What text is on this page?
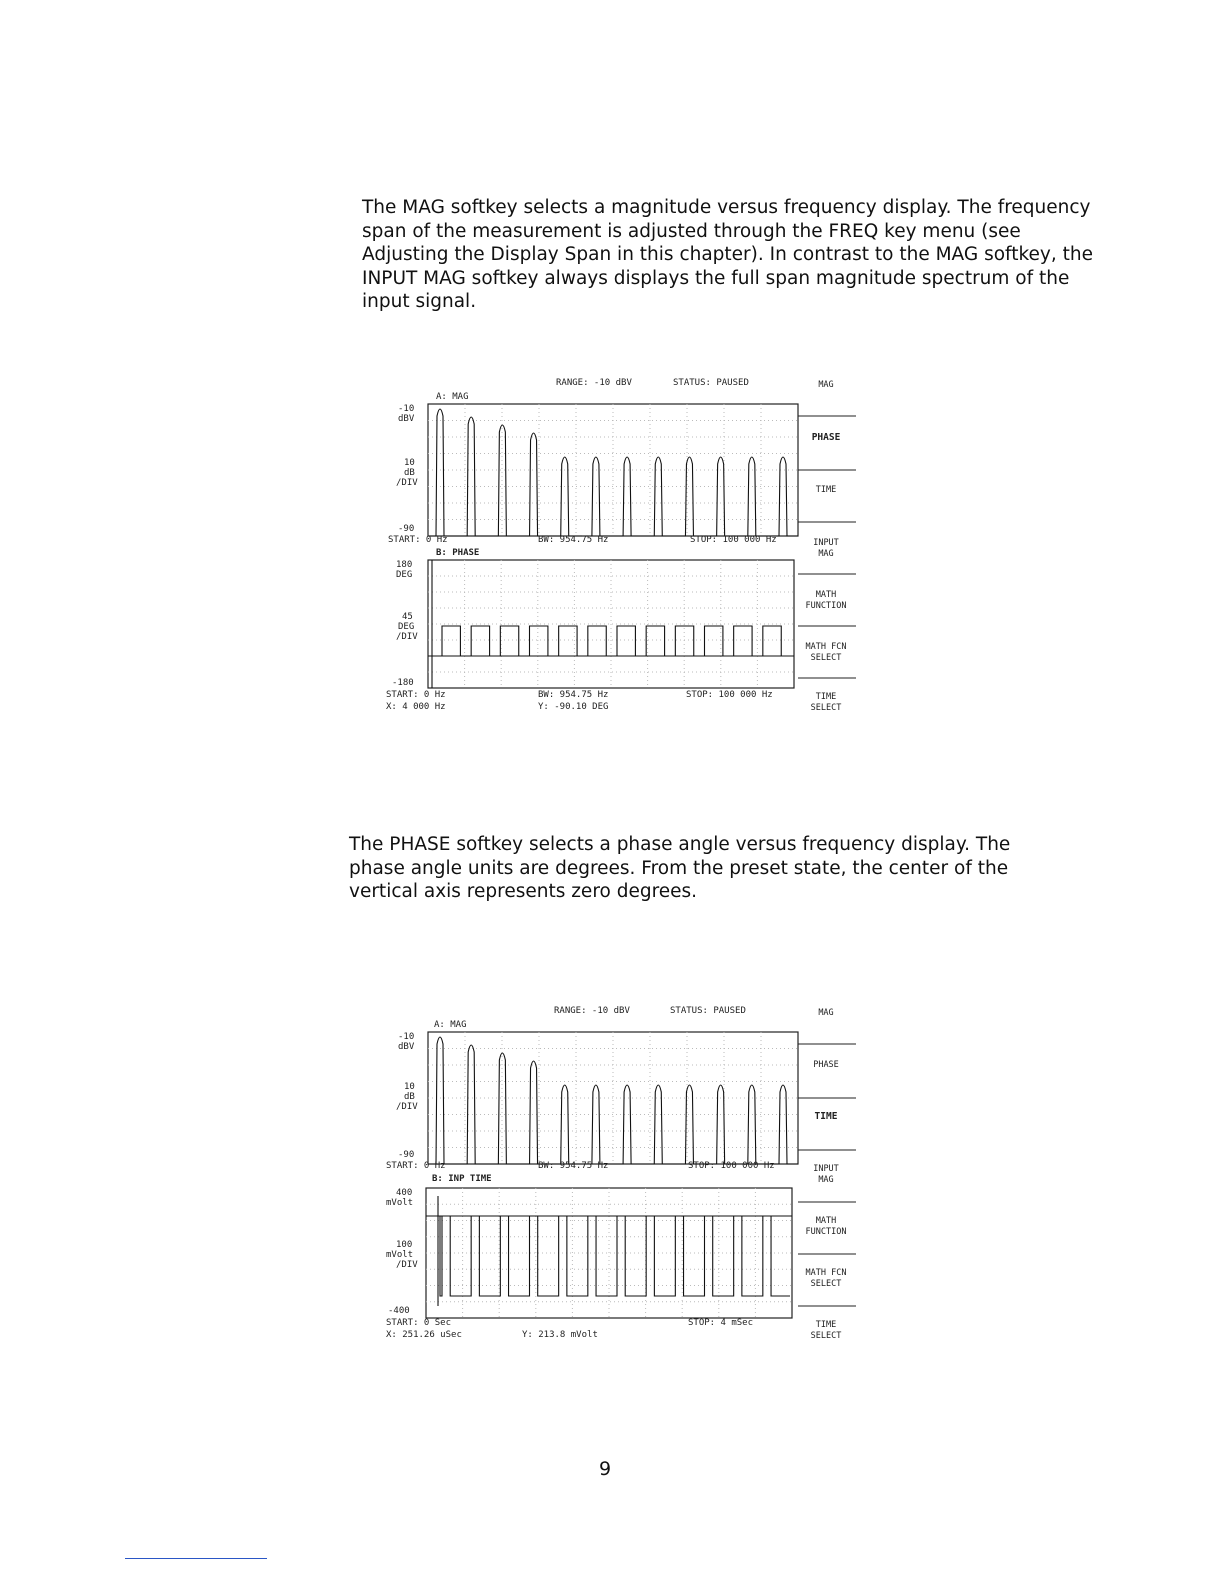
The MAG softkey selects a magnitude versus frequency display. The frequency span of the measurement is adjusted through the FREQ key menu (see Adjusting the Display Span in this chapter). In contrast to the MAG softkey, the INPUT MAG softkey always displays the full span magnitude spectrum of the input signal.

RANGE: -10 dBV	STATUS: PAUSED
A: MAG
-10
dBV
10
dB
/DIV
-90
START: 0 Hz	BW: 954.75 Hz	STOP: 100 000 Hz
B: PHASE
180
DEG
45
DEG
/DIV
-180
START: 0 Hz	BW: 954.75 Hz	STOP: 100 000 Hz
X: 4 000 Hz	Y: -90.10 DEG
MAG
PHASE
TIME
INPUT
MAG
MATH
FUNCTION
MATH FCN
SELECT
TIME
SELECT

The PHASE softkey selects a phase angle versus frequency display. The phase angle units are degrees. From the preset state, the center of the vertical axis represents zero degrees.

RANGE: -10 dBV	STATUS: PAUSED
A: MAG
-10
dBV
10
dB
/DIV
-90
START: 0 Hz	BW: 954.75 Hz	STOP: 100 000 Hz
B: INP TIME
400
mVolt
100
mVolt
/DIV
-400
START: 0 Sec	STOP: 4 mSec
X: 251.26 uSec	Y: 213.8 mVolt
MAG
PHASE
TIME
INPUT
MAG
MATH
FUNCTION
MATH FCN
SELECT
TIME
SELECT
9
